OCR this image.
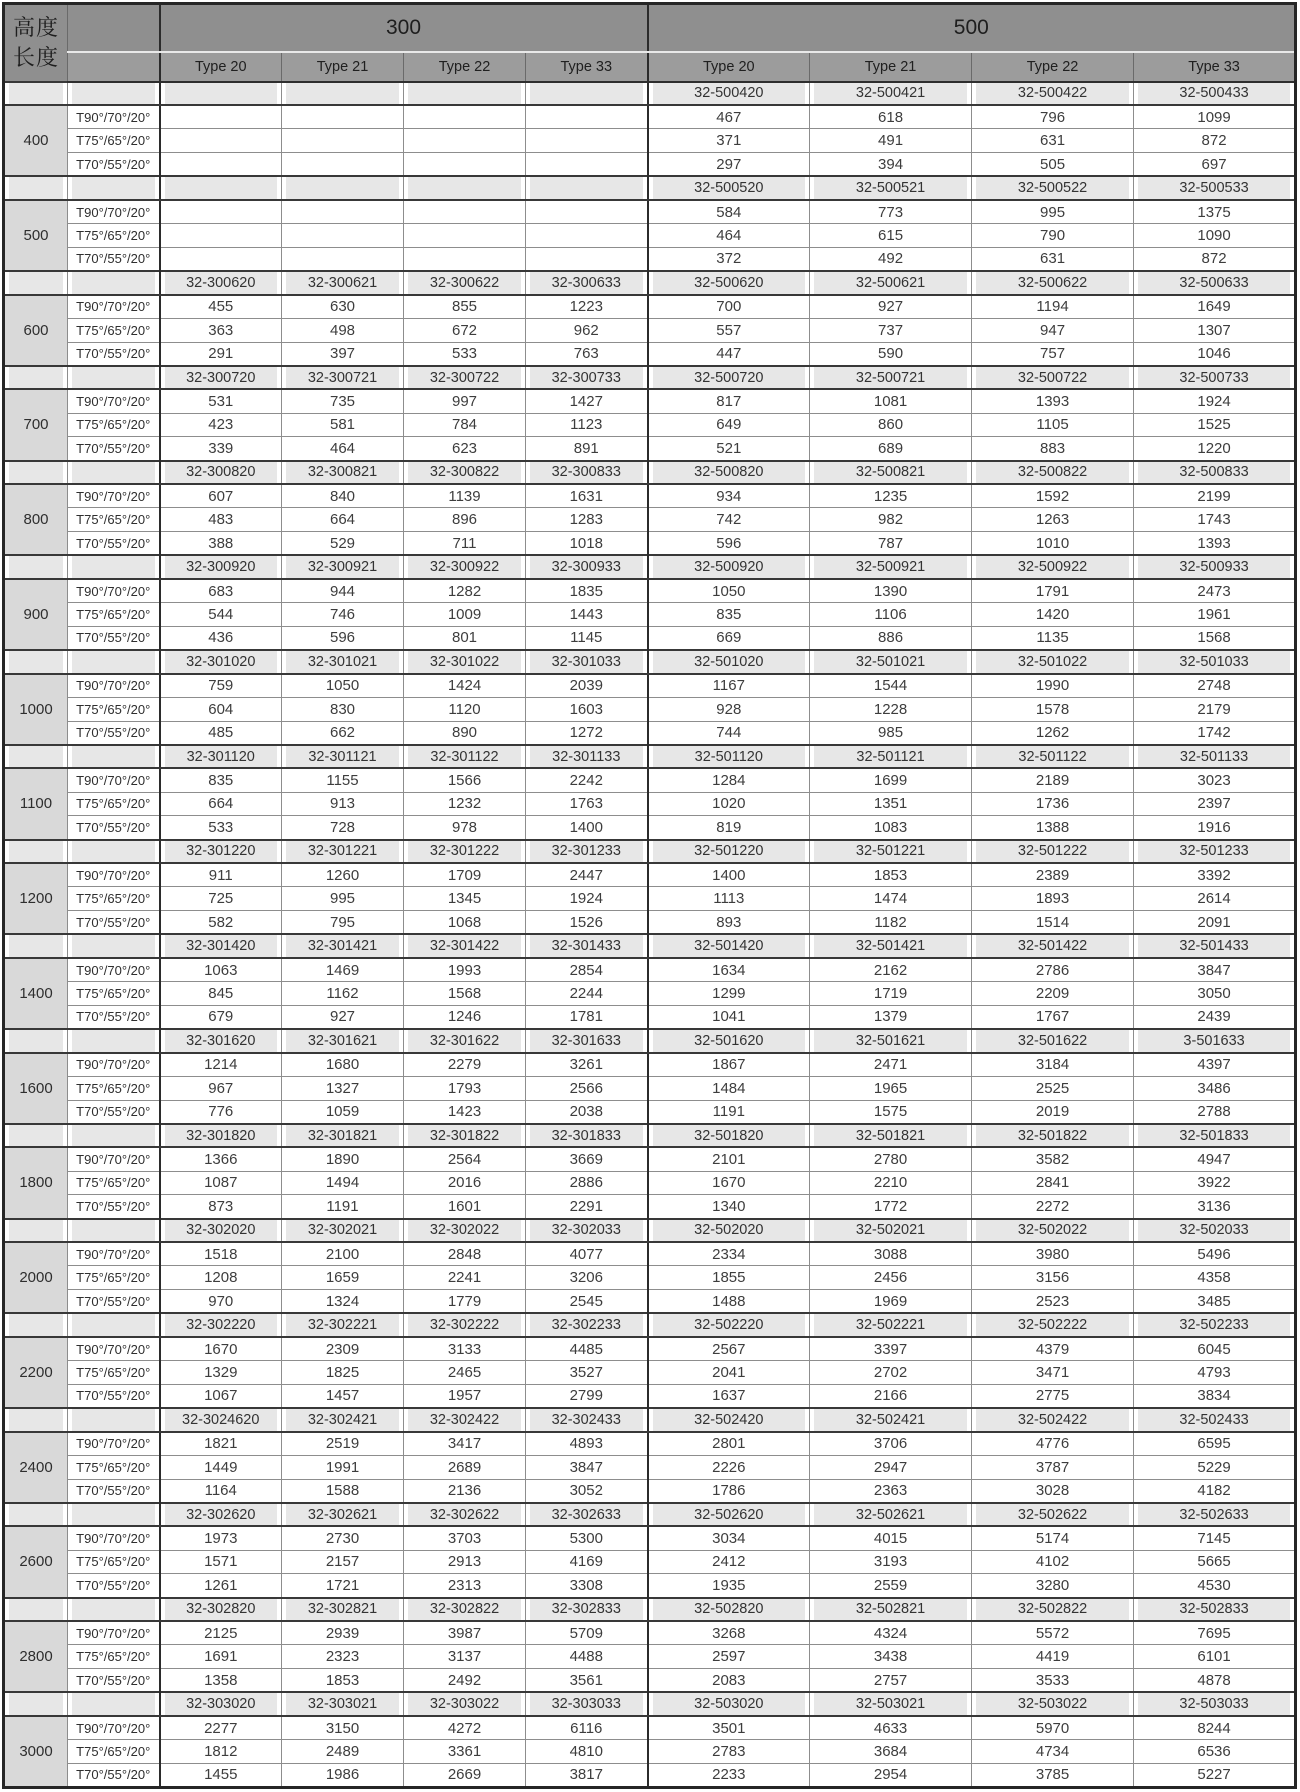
高度
长度		300				500			
		Type 20	Type 21	Type 22	Type 33	Type 20	Type 21	Type 22	Type 33
						32-500420	32-500421	32-500422	32-500433
400	T90°/70°/20°					467	618	796	1099
	T75°/65°/20°					371	491	631	872
	T70°/55°/20°					297	394	505	697
						32-500520	32-500521	32-500522	32-500533
500	T90°/70°/20°					584	773	995	1375
	T75°/65°/20°					464	615	790	1090
	T70°/55°/20°					372	492	631	872
		32-300620	32-300621	32-300622	32-300633	32-500620	32-500621	32-500622	32-500633
600	T90°/70°/20°	455	630	855	1223	700	927	1194	1649
	T75°/65°/20°	363	498	672	962	557	737	947	1307
	T70°/55°/20°	291	397	533	763	447	590	757	1046
		32-300720	32-300721	32-300722	32-300733	32-500720	32-500721	32-500722	32-500733
700	T90°/70°/20°	531	735	997	1427	817	1081	1393	1924
	T75°/65°/20°	423	581	784	1123	649	860	1105	1525
	T70°/55°/20°	339	464	623	891	521	689	883	1220
		32-300820	32-300821	32-300822	32-300833	32-500820	32-500821	32-500822	32-500833
800	T90°/70°/20°	607	840	1139	1631	934	1235	1592	2199
	T75°/65°/20°	483	664	896	1283	742	982	1263	1743
	T70°/55°/20°	388	529	711	1018	596	787	1010	1393
		32-300920	32-300921	32-300922	32-300933	32-500920	32-500921	32-500922	32-500933
900	T90°/70°/20°	683	944	1282	1835	1050	1390	1791	2473
	T75°/65°/20°	544	746	1009	1443	835	1106	1420	1961
	T70°/55°/20°	436	596	801	1145	669	886	1135	1568
		32-301020	32-301021	32-301022	32-301033	32-501020	32-501021	32-501022	32-501033
1000	T90°/70°/20°	759	1050	1424	2039	1167	1544	1990	2748
	T75°/65°/20°	604	830	1120	1603	928	1228	1578	2179
	T70°/55°/20°	485	662	890	1272	744	985	1262	1742
		32-301120	32-301121	32-301122	32-301133	32-501120	32-501121	32-501122	32-501133
1100	T90°/70°/20°	835	1155	1566	2242	1284	1699	2189	3023
	T75°/65°/20°	664	913	1232	1763	1020	1351	1736	2397
	T70°/55°/20°	533	728	978	1400	819	1083	1388	1916
		32-301220	32-301221	32-301222	32-301233	32-501220	32-501221	32-501222	32-501233
1200	T90°/70°/20°	911	1260	1709	2447	1400	1853	2389	3392
	T75°/65°/20°	725	995	1345	1924	1113	1474	1893	2614
	T70°/55°/20°	582	795	1068	1526	893	1182	1514	2091
		32-301420	32-301421	32-301422	32-301433	32-501420	32-501421	32-501422	32-501433
1400	T90°/70°/20°	1063	1469	1993	2854	1634	2162	2786	3847
	T75°/65°/20°	845	1162	1568	2244	1299	1719	2209	3050
	T70°/55°/20°	679	927	1246	1781	1041	1379	1767	2439
		32-301620	32-301621	32-301622	32-301633	32-501620	32-501621	32-501622	3-501633
1600	T90°/70°/20°	1214	1680	2279	3261	1867	2471	3184	4397
	T75°/65°/20°	967	1327	1793	2566	1484	1965	2525	3486
	T70°/55°/20°	776	1059	1423	2038	1191	1575	2019	2788
		32-301820	32-301821	32-301822	32-301833	32-501820	32-501821	32-501822	32-501833
1800	T90°/70°/20°	1366	1890	2564	3669	2101	2780	3582	4947
	T75°/65°/20°	1087	1494	2016	2886	1670	2210	2841	3922
	T70°/55°/20°	873	1191	1601	2291	1340	1772	2272	3136
		32-302020	32-302021	32-302022	32-302033	32-502020	32-502021	32-502022	32-502033
2000	T90°/70°/20°	1518	2100	2848	4077	2334	3088	3980	5496
	T75°/65°/20°	1208	1659	2241	3206	1855	2456	3156	4358
	T70°/55°/20°	970	1324	1779	2545	1488	1969	2523	3485
		32-302220	32-302221	32-302222	32-302233	32-502220	32-502221	32-502222	32-502233
2200	T90°/70°/20°	1670	2309	3133	4485	2567	3397	4379	6045
	T75°/65°/20°	1329	1825	2465	3527	2041	2702	3471	4793
	T70°/55°/20°	1067	1457	1957	2799	1637	2166	2775	3834
		32-3024620	32-302421	32-302422	32-302433	32-502420	32-502421	32-502422	32-502433
2400	T90°/70°/20°	1821	2519	3417	4893	2801	3706	4776	6595
	T75°/65°/20°	1449	1991	2689	3847	2226	2947	3787	5229
	T70°/55°/20°	1164	1588	2136	3052	1786	2363	3028	4182
		32-302620	32-302621	32-302622	32-302633	32-502620	32-502621	32-502622	32-502633
2600	T90°/70°/20°	1973	2730	3703	5300	3034	4015	5174	7145
	T75°/65°/20°	1571	2157	2913	4169	2412	3193	4102	5665
	T70°/55°/20°	1261	1721	2313	3308	1935	2559	3280	4530
		32-302820	32-302821	32-302822	32-302833	32-502820	32-502821	32-502822	32-502833
2800	T90°/70°/20°	2125	2939	3987	5709	3268	4324	5572	7695
	T75°/65°/20°	1691	2323	3137	4488	2597	3438	4419	6101
	T70°/55°/20°	1358	1853	2492	3561	2083	2757	3533	4878
		32-303020	32-303021	32-303022	32-303033	32-503020	32-503021	32-503022	32-503033
3000	T90°/70°/20°	2277	3150	4272	6116	3501	4633	5970	8244
	T75°/65°/20°	1812	2489	3361	4810	2783	3684	4734	6536
	T70°/55°/20°	1455	1986	2669	3817	2233	2954	3785	5227
